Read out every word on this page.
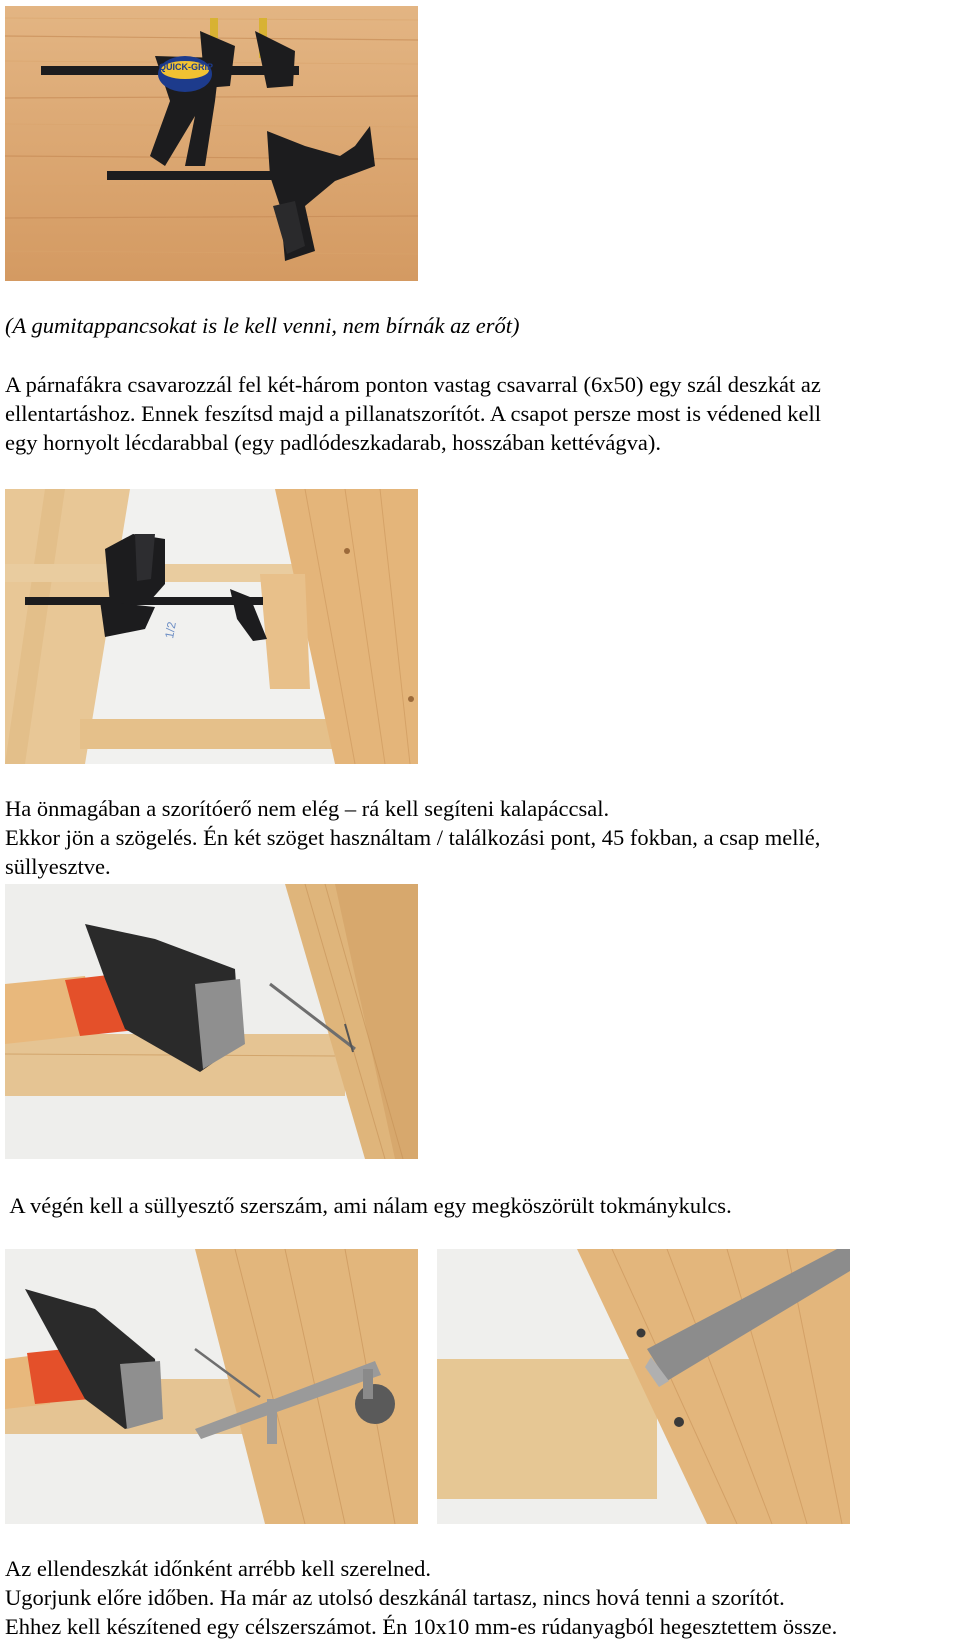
QUICK-GRIP

(A gumitappancsokat is le kell venni, nem bírnák az erőt)

A párnafákra csavarozzál fel két-három ponton vastag csavarral (6x50) egy szál deszkát az

ellentartáshoz. Ennek feszítsd majd a pillanatszorítót. A csapot persze most is védened kell

egy hornyolt lécdarabbal (egy padlódeszkadarab, hosszában kettévágva).

1/2

Ha önmagában a szorítóerő nem elég – rá kell segíteni kalapáccsal.

Ekkor jön a szögelés. Én két szöget használtam / találkozási pont, 45 fokban, a csap mellé,

süllyesztve.

A végén kell a süllyesztő szerszám, ami nálam egy megköszörült tokmánykulcs.

Az ellendeszkát időnként arrébb kell szerelned.

Ugorjunk előre időben. Ha már az utolsó deszkánál tartasz, nincs hová tenni a szorítót.

Ehhez kell készítened egy célszerszámot. Én 10x10 mm-es rúdanyagból hegesztettem össze.
